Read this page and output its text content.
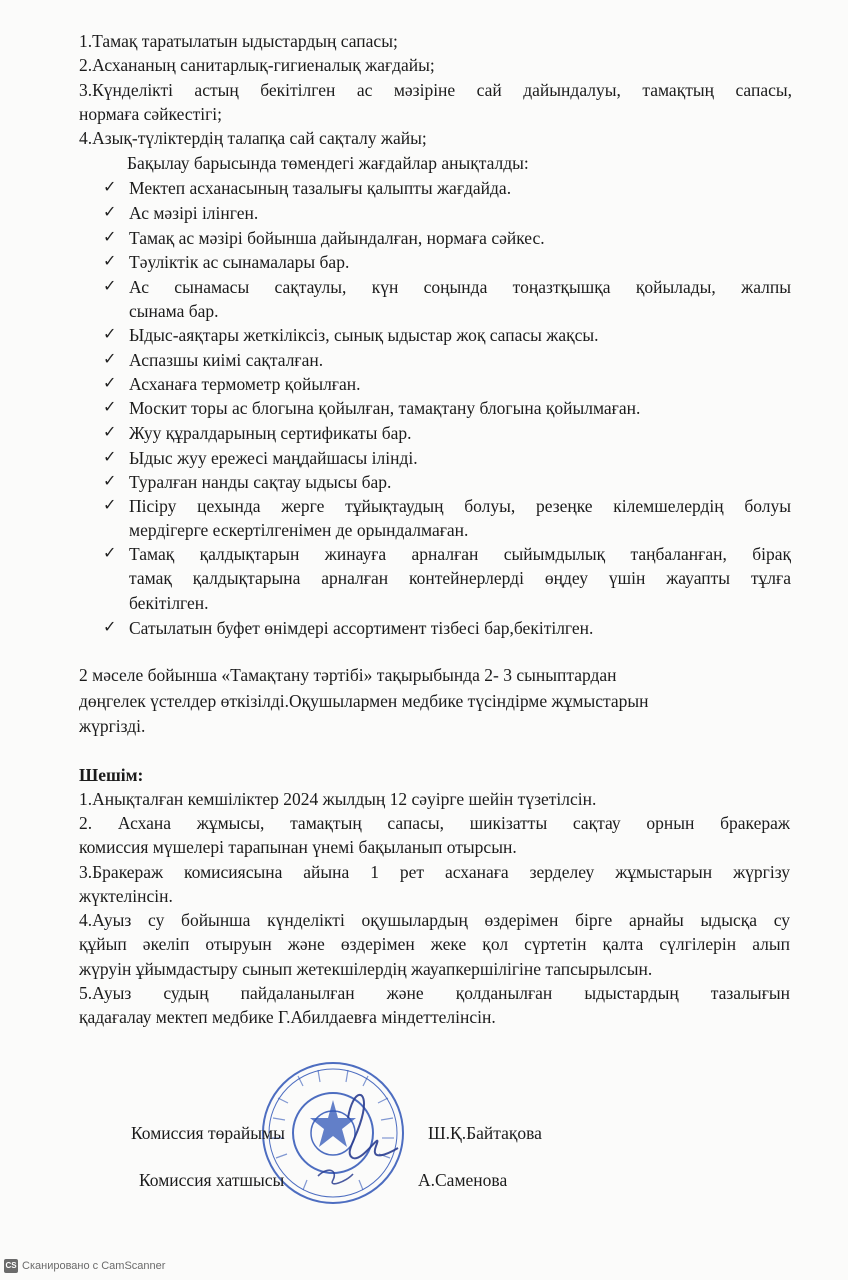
1.Тамақ таратылатын ыдыстардың сапасы;
2.Асхананың санитарлық-гигиеналық жағдайы;
3.Күнделікті астың бекітілген ас мәзіріне сай дайындалуы, тамақтың сапасы,
нормаға сәйкестігі;
4.Азық-түліктердің талапқа сай сақталу жайы;
Бақылау барысында төмендегі жағдайлар анықталды:
✓ Мектеп асханасының тазалығы қалыпты жағдайда.
✓ Ас мәзірі ілінген.
✓ Тамақ ас мәзірі бойынша дайындалған, нормаға сәйкес.
✓ Тәуліктік ас сынамалары бар.
✓ Ас сынамасы сақтаулы, күн соңында тоңазтқышқа қойылады, жалпы
сынама бар.
✓ Ыдыс-аяқтары жеткіліксіз, сынық ыдыстар жоқ сапасы жақсы.
✓ Аспазшы киімі сақталған.
✓ Асханаға термометр қойылған.
✓ Москит торы ас блогына қойылған, тамақтану блогына қойылмаған.
✓ Жуу құралдарының сертификаты бар.
✓ Ыдыс жуу ережесі маңдайшасы ілінді.
✓ Туралған нанды сақтау ыдысы бар.
✓ Пісіру цехында жерге тұйықтаудың болуы, резеңке кілемшелердің болуы
мердігерге ескертілгенімен де орындалмаған.
✓ Тамақ қалдықтарын жинауға арналған сыйымдылық таңбаланған, бірақ
тамақ қалдықтарына арналған контейнерлерді өңдеу үшін жауапты тұлға
бекітілген.
✓ Сатылатын буфет өнімдері ассортимент тізбесі бар,бекітілген.
2 мәселе бойынша «Тамақтану тәртібі» тақырыбында 2- 3 сыныптардан
дөңгелек үстелдер өткізілді.Оқушылармен медбике түсіндірме жұмыстарын
жүргізді.
Шешім:
1.Анықталған кемшіліктер 2024 жылдың 12 сәуірге шейін түзетілсін.
2. Асхана жұмысы, тамақтың сапасы, шикізатты сақтау орнын бракераж
комиссия мүшелері тарапынан үнемі бақыланып отырсын.
3.Бракераж комисиясына айына 1 рет асханаға зерделеу жұмыстарын жүргізу
жүктелінсін.
4.Ауыз су бойынша күнделікті оқушылардың өздерімен бірге арнайы ыдысқа су
құйып әкеліп отыруын және өздерімен жеке қол сүртетін қалта сүлгілерін алып
жүруін ұйымдастыру сынып жетекшілердің жауапкершілігіне тапсырылсын.
5.Ауыз судың пайдаланылған және қолданылған ыдыстардың тазалығын
қадағалау мектеп медбике Г.Абилдаевға міндеттелінсін.
Комиссия төрайымы	Ш.Қ.Байтақова
Комиссия хатшысы	А.Саменова
CS Сканировано с CamScanner
